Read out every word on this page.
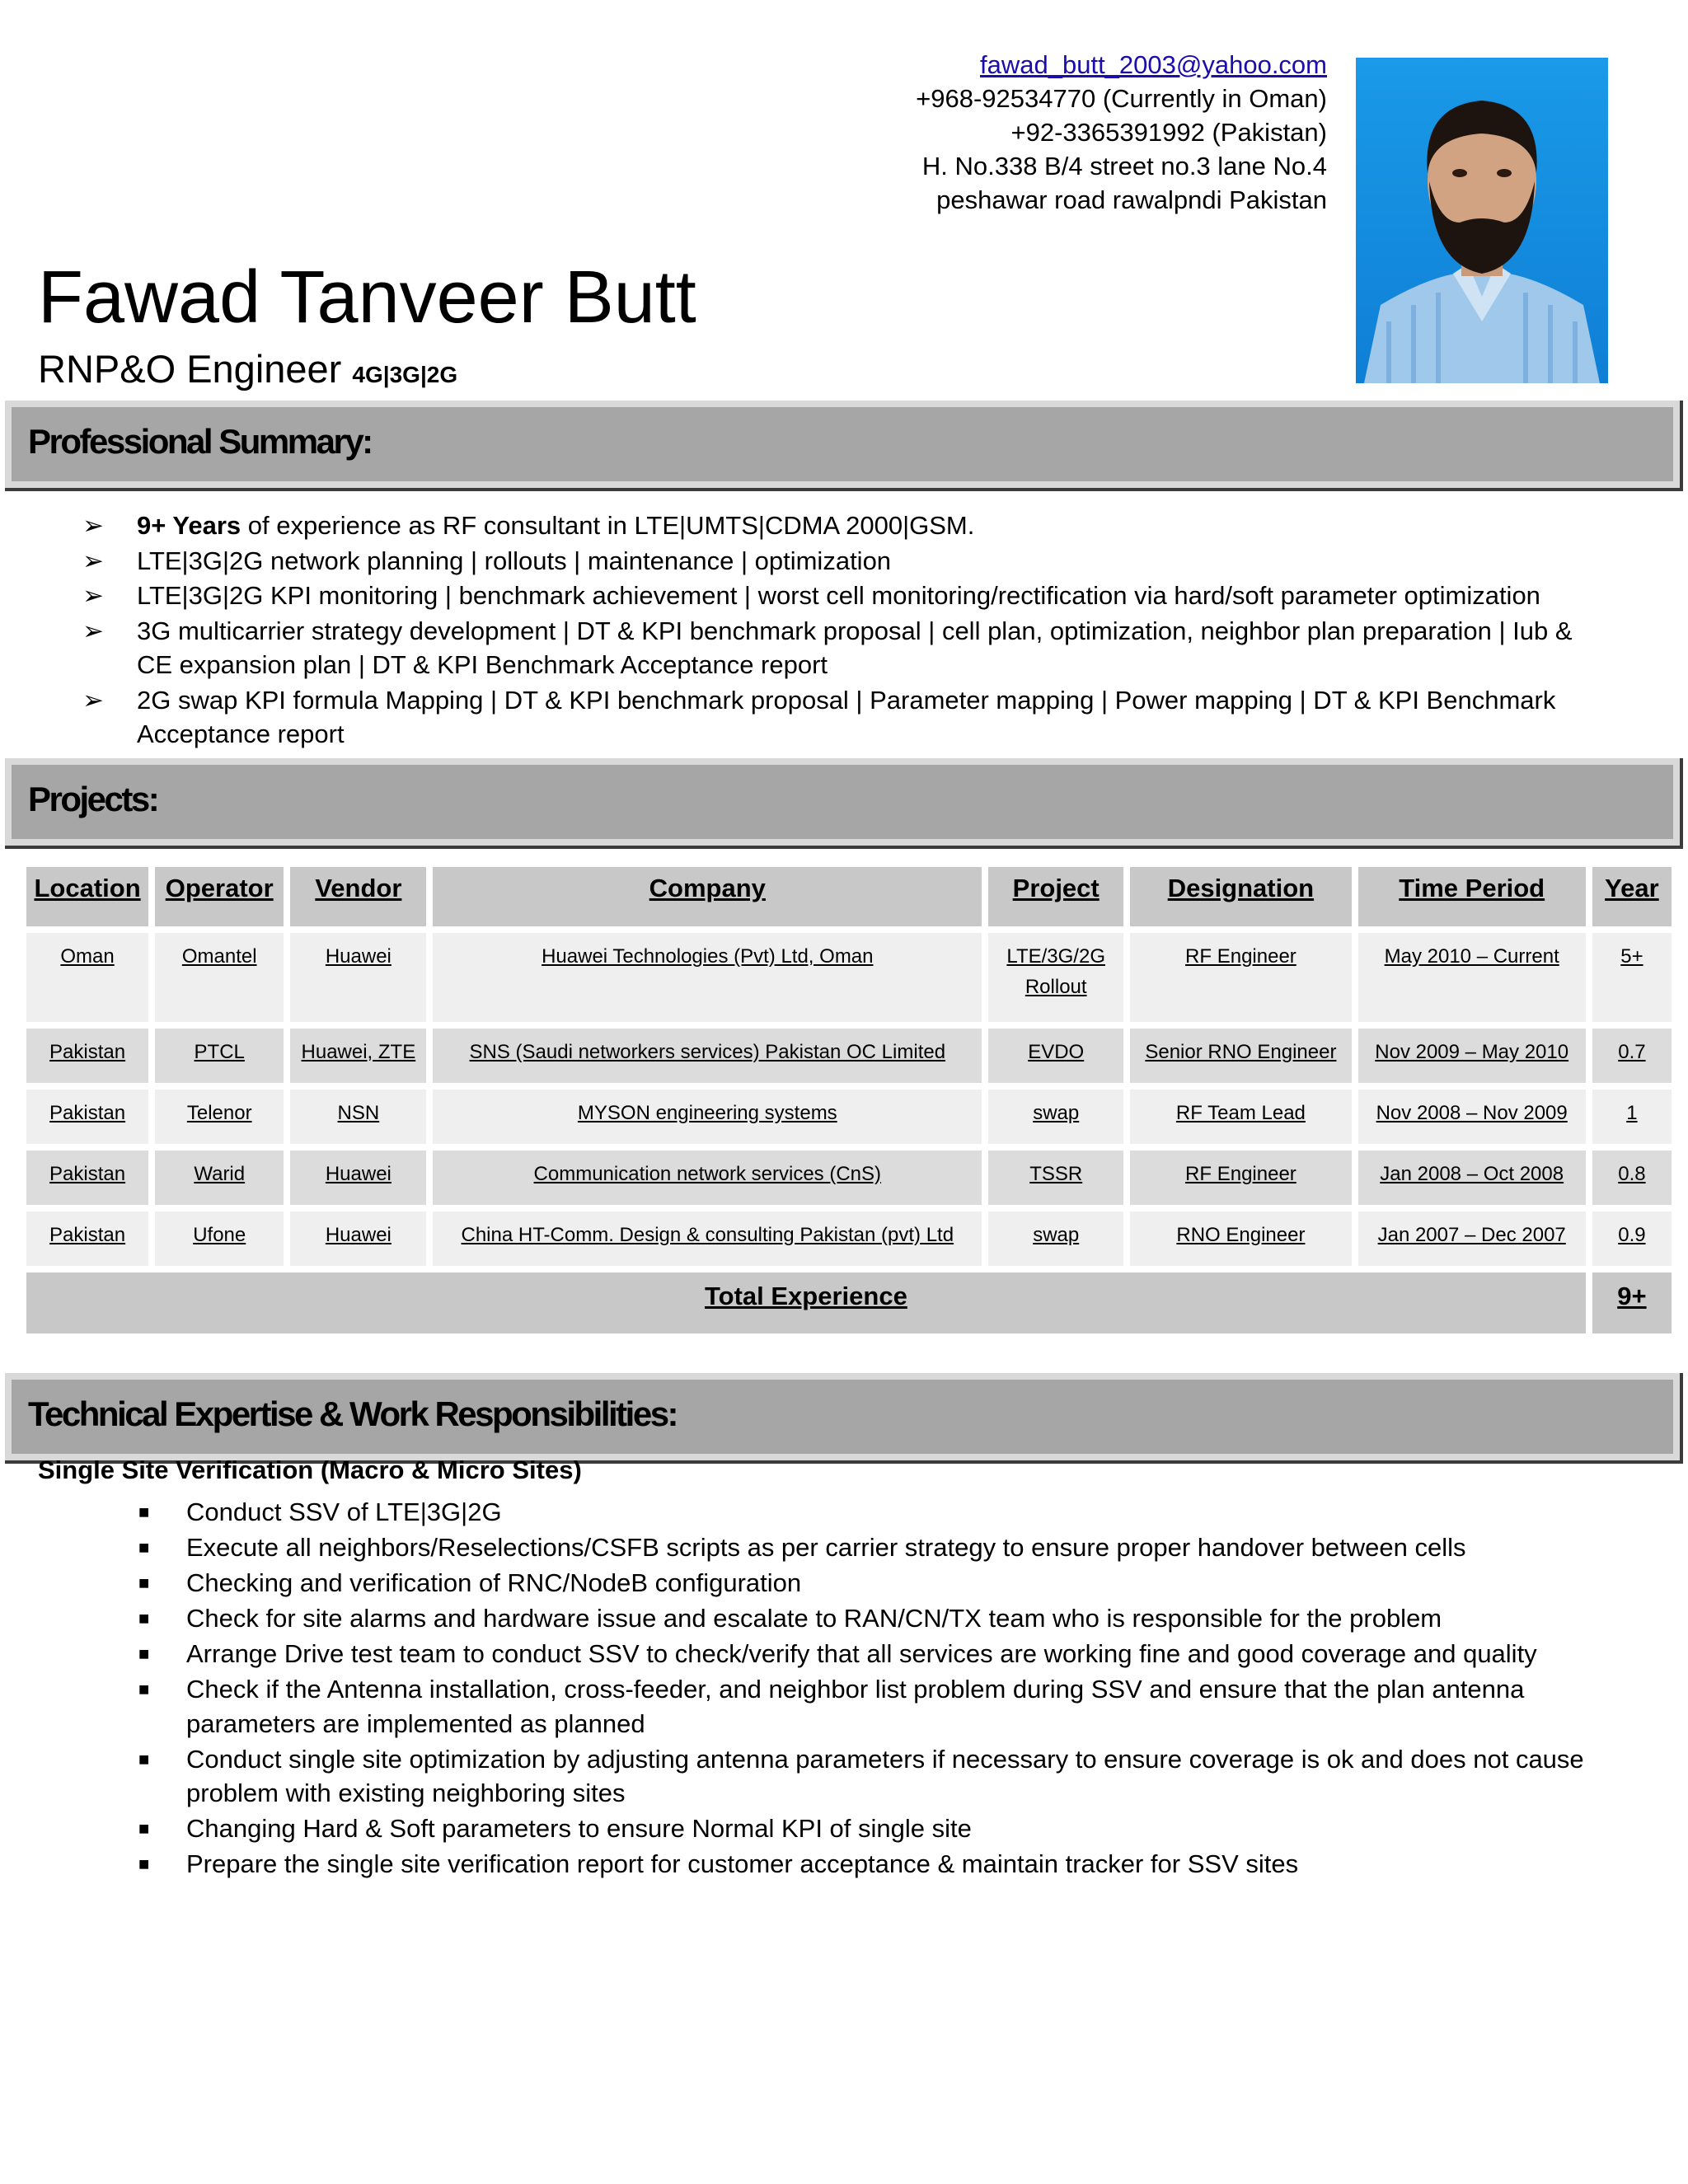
fawad_butt_2003@yahoo.com
+968-92534770 (Currently in Oman)
+92-3365391992 (Pakistan)
H. No.338 B/4 street no.3 lane No.4
peshawar road rawalpndi Pakistan
Fawad Tanveer Butt
RNP&O Engineer 4G|3G|2G
Professional Summary:
➢ 9+ Years of experience as RF consultant in LTE|UMTS|CDMA 2000|GSM.
➢ LTE|3G|2G network planning | rollouts | maintenance | optimization
➢ LTE|3G|2G KPI monitoring | benchmark achievement | worst cell monitoring/rectification via hard/soft parameter optimization
➢ 3G multicarrier strategy development | DT & KPI benchmark proposal | cell plan, optimization, neighbor plan preparation | Iub & CE expansion plan | DT & KPI Benchmark Acceptance report
➢ 2G swap KPI formula Mapping | DT & KPI benchmark proposal | Parameter mapping | Power mapping | DT & KPI Benchmark Acceptance report
Projects:
Location	Operator	Vendor	Company	Project	Designation	Time Period	Year
Oman	Omantel	Huawei	Huawei Technologies (Pvt) Ltd, Oman	LTE/3G/2G Rollout	RF Engineer	May 2010 – Current	5+
Pakistan	PTCL	Huawei, ZTE	SNS (Saudi networkers services) Pakistan OC Limited	EVDO	Senior RNO Engineer	Nov 2009 – May 2010	0.7
Pakistan	Telenor	NSN	MYSON engineering systems	swap	RF Team Lead	Nov 2008 – Nov 2009	1
Pakistan	Warid	Huawei	Communication network services (CnS)	TSSR	RF Engineer	Jan 2008 – Oct 2008	0.8
Pakistan	Ufone	Huawei	China HT-Comm. Design & consulting Pakistan (pvt) Ltd	swap	RNO Engineer	Jan 2007 – Dec 2007	0.9
Total Experience							9+
Technical Expertise & Work Responsibilities:
Single Site Verification (Macro & Micro Sites)
■ Conduct SSV of LTE|3G|2G
■ Execute all neighbors/Reselections/CSFB scripts as per carrier strategy to ensure proper handover between cells
■ Checking and verification of RNC/NodeB configuration
■ Check for site alarms and hardware issue and escalate to RAN/CN/TX team who is responsible for the problem
■ Arrange Drive test team to conduct SSV to check/verify that all services are working fine and good coverage and quality
■ Check if the Antenna installation, cross-feeder, and neighbor list problem during SSV and ensure that the plan antenna parameters are implemented as planned
■ Conduct single site optimization by adjusting antenna parameters if necessary to ensure coverage is ok and does not cause problem with existing neighboring sites
■ Changing Hard & Soft parameters to ensure Normal KPI of single site
■ Prepare the single site verification report for customer acceptance & maintain tracker for SSV sites
